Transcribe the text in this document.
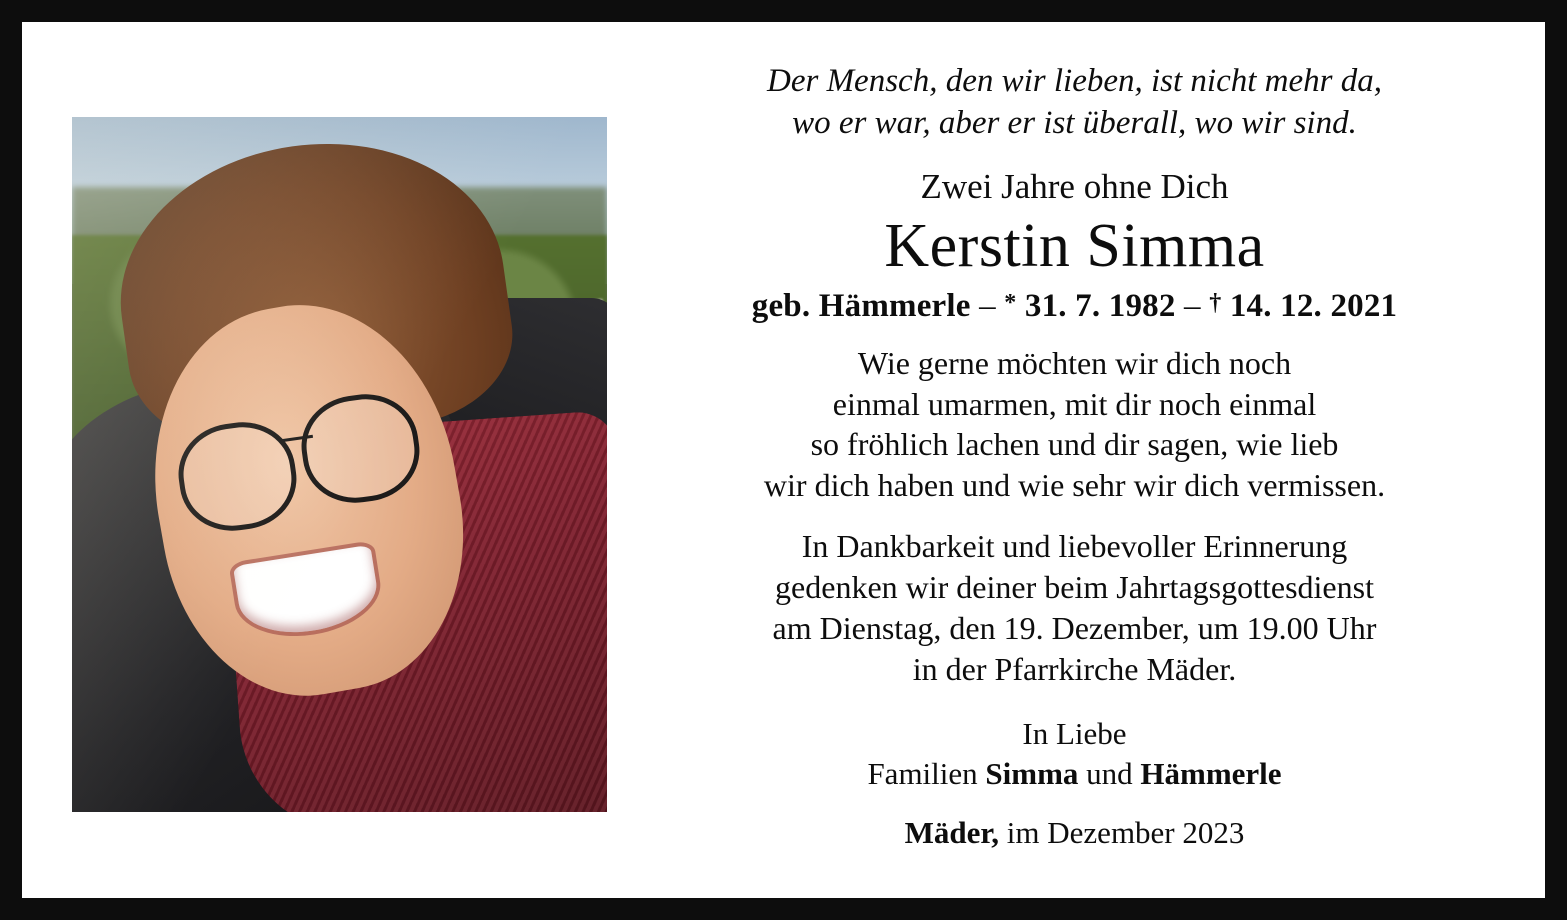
Der Mensch, den wir lieben, ist nicht mehr da,
wo er war, aber er ist überall, wo wir sind.
Zwei Jahre ohne Dich
Kerstin Simma
geb. Hämmerle – * 31. 7. 1982 – † 14. 12. 2021
Wie gerne möchten wir dich noch
einmal umarmen, mit dir noch einmal
so fröhlich lachen und dir sagen, wie lieb
wir dich haben und wie sehr wir dich vermissen.
In Dankbarkeit und liebevoller Erinnerung
gedenken wir deiner beim Jahrtagsgottesdienst
am Dienstag, den 19. Dezember, um 19.00 Uhr
in der Pfarrkirche Mäder.
In Liebe
Familien Simma und Hämmerle
Mäder, im Dezember 2023
